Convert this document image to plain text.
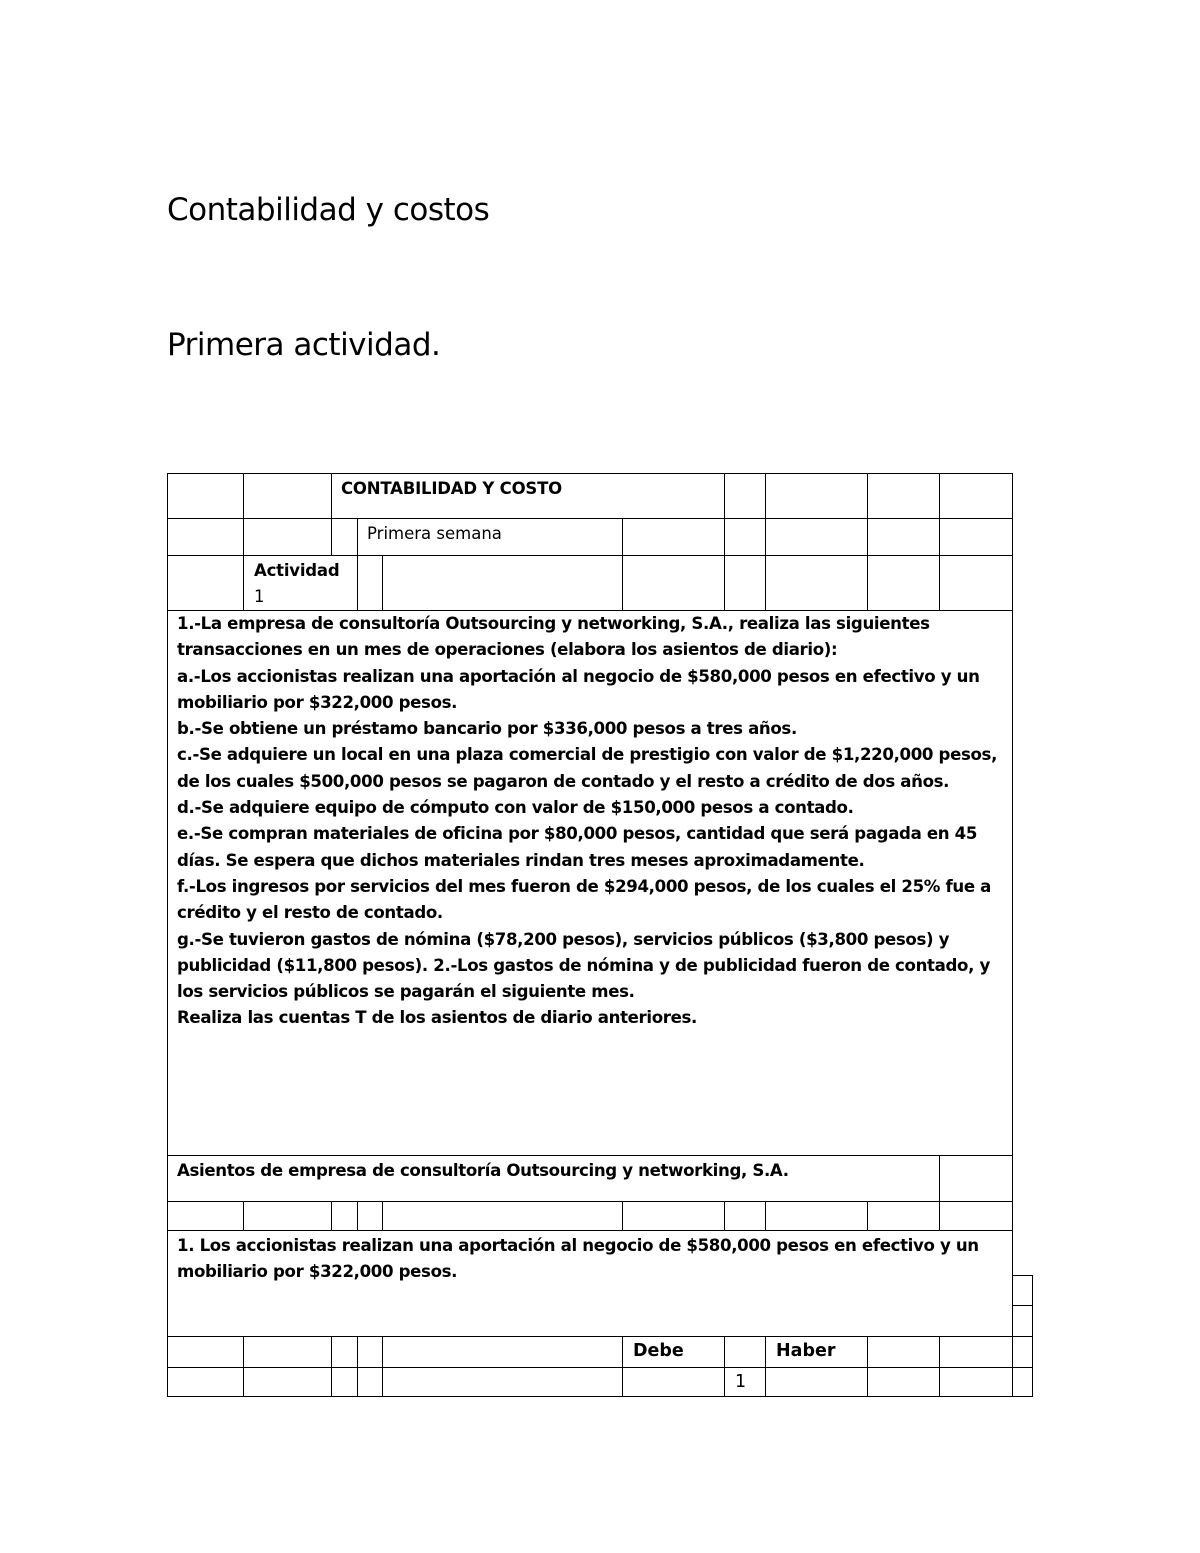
Contabilidad y costos
Primera actividad.
CONTABILIDAD Y COSTO
Primera semana
Actividad
1
1.-La empresa de consultoría Outsourcing y networking, S.A., realiza las siguientes
transacciones en un mes de operaciones (elabora los asientos de diario):
a.-Los accionistas realizan una aportación al negocio de $580,000 pesos en efectivo y un
mobiliario por $322,000 pesos.
b.-Se obtiene un préstamo bancario por $336,000 pesos a tres años.
c.-Se adquiere un local en una plaza comercial de prestigio con valor de $1,220,000 pesos,
de los cuales $500,000 pesos se pagaron de contado y el resto a crédito de dos años.
d.-Se adquiere equipo de cómputo con valor de $150,000 pesos a contado.
e.-Se compran materiales de oficina por $80,000 pesos, cantidad que será pagada en 45
días. Se espera que dichos materiales rindan tres meses aproximadamente.
f.-Los ingresos por servicios del mes fueron de $294,000 pesos, de los cuales el 25% fue a
crédito y el resto de contado.
g.-Se tuvieron gastos de nómina ($78,200 pesos), servicios públicos ($3,800 pesos) y
publicidad ($11,800 pesos). 2.-Los gastos de nómina y de publicidad fueron de contado, y
los servicios públicos se pagarán el siguiente mes.
Realiza las cuentas T de los asientos de diario anteriores.
Asientos de empresa de consultoría Outsourcing y networking, S.A.
1. Los accionistas realizan una aportación al negocio de $580,000 pesos en efectivo y un
mobiliario por $322,000 pesos.
Debe	Haber
1
